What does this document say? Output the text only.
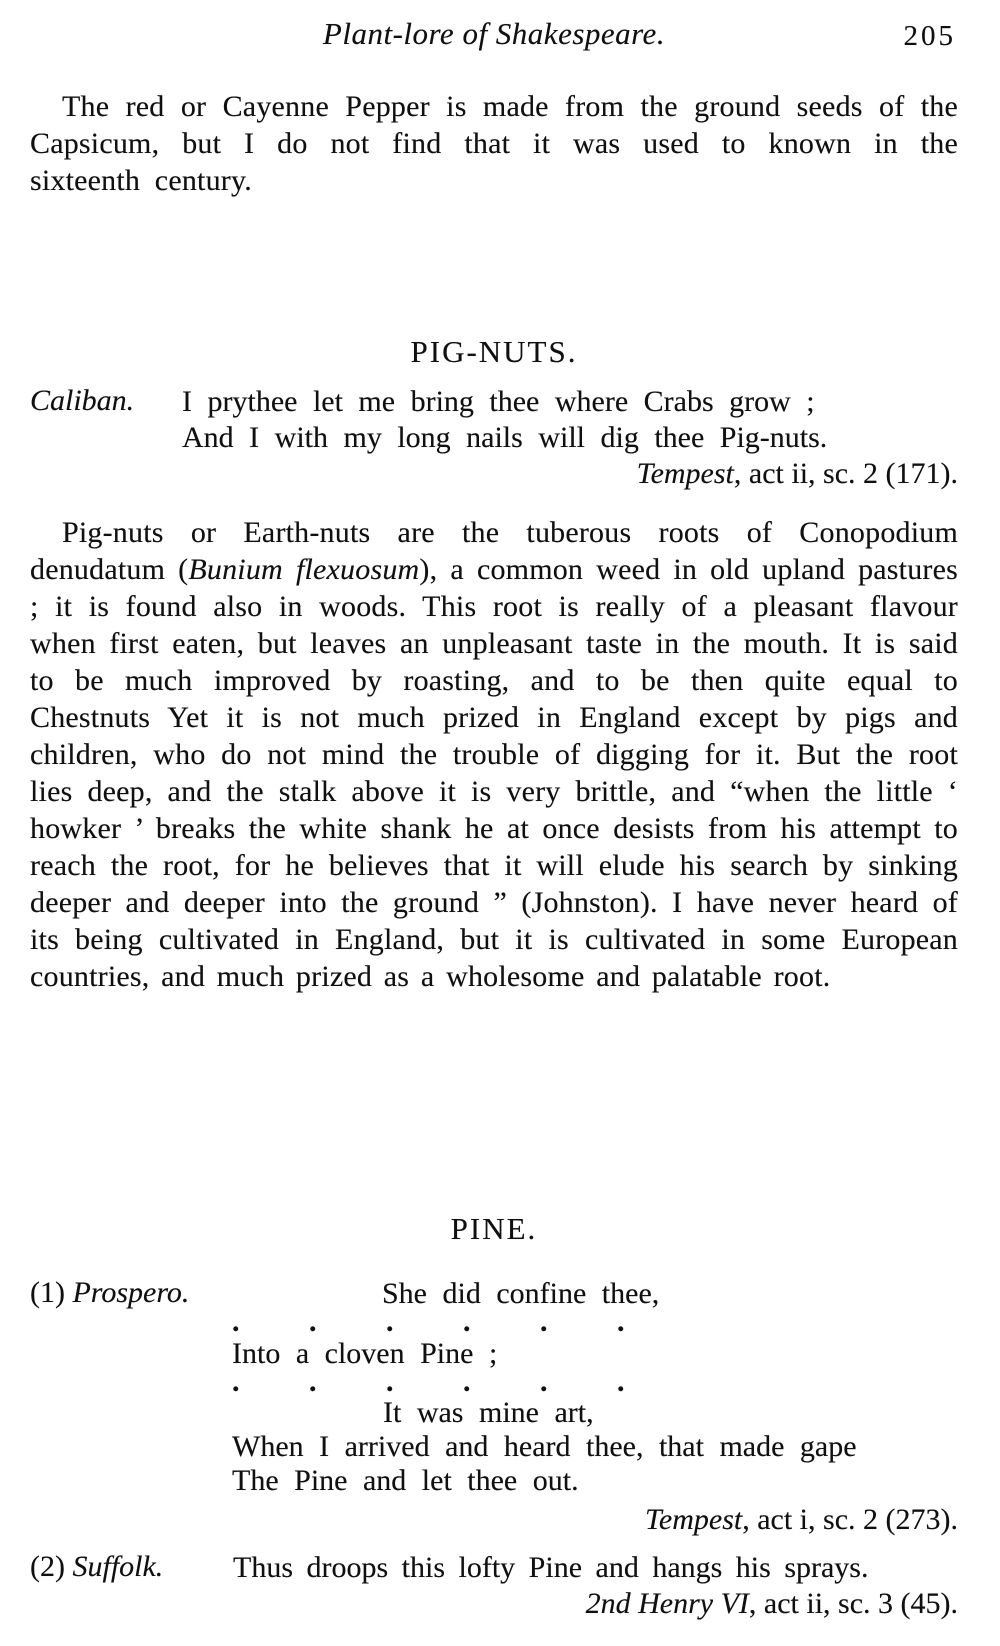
Plant-lore of Shakespeare.	205

The red or Cayenne Pepper is made from the ground seeds of the Capsicum, but I do not find that it was used to known in the sixteenth century.

PIG-NUTS.
Caliban.	I prythee let me bring thee where Crabs grow ;
And I with my long nails will dig thee Pig-nuts.
Tempest, act ii, sc. 2 (171).

Pig-nuts or Earth-nuts are the tuberous roots of Conopodium denudatum (Bunium flexuosum), a common weed in old upland pastures ; it is found also in woods. This root is really of a pleasant flavour when first eaten, but leaves an unpleasant taste in the mouth. It is said to be much improved by roasting, and to be then quite equal to Chestnuts Yet it is not much prized in England except by pigs and children, who do not mind the trouble of digging for it. But the root lies deep, and the stalk above it is very brittle, and “when the little ‘ howker ’ breaks the white shank he at once desists from his attempt to reach the root, for he believes that it will elude his search by sinking deeper and deeper into the ground ” (Johnston). I have never heard of its being cultivated in England, but it is cultivated in some European countries, and much prized as a wholesome and palatable root.

PINE.
(1) Prospero.	She did confine thee,
. . . . . .
Into a cloven Pine ;
. . . . . .
It was mine art,
When I arrived and heard thee, that made gape
The Pine and let thee out.
Tempest, act i, sc. 2 (273).
(2) Suffolk.	Thus droops this lofty Pine and hangs his sprays.
2nd Henry VI, act ii, sc. 3 (45).
